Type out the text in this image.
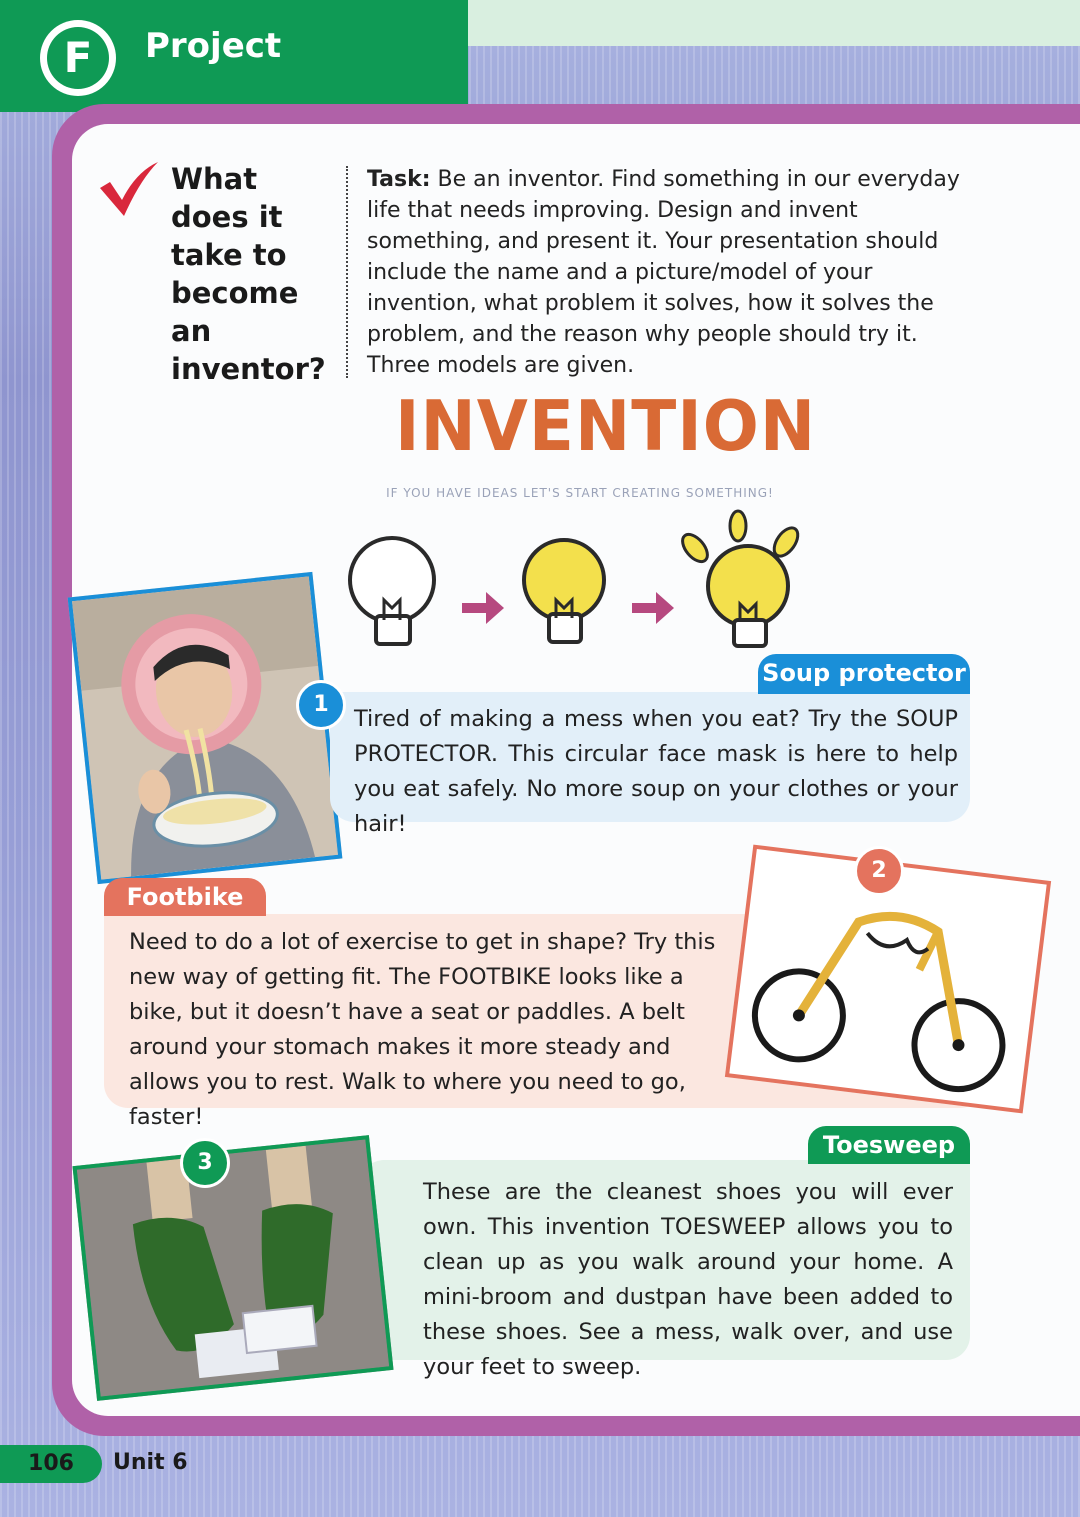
F	Project
What does it take to become an inventor?
Task: Be an inventor. Find something in our everyday life that needs improving. Design and invent something, and present it. Your presentation should include the name and a picture/model of your invention, what problem it solves, how it solves the problem, and the reason why people should try it. Three models are given.
INVENTION
IF YOU HAVE IDEAS LET'S START CREATING SOMETHING!
Soup protector
1
Tired of making a mess when you eat? Try the SOUP PROTECTOR. This circular face mask is here to help you eat safely. No more soup on your clothes or your hair!
Footbike
Need to do a lot of exercise to get in shape? Try this new way of getting fit. The FOOTBIKE looks like a bike, but it doesn’t have a seat or paddles. A belt around your stomach makes it more steady and allows you to rest. Walk to where you need to go, faster!
2
Toesweep
These are the cleanest shoes you will ever own. This invention TOESWEEP allows you to clean up as you walk around your home. A mini-broom and dustpan have been added to these shoes. See a mess, walk over, and use your feet to sweep.
3
106	Unit 6
